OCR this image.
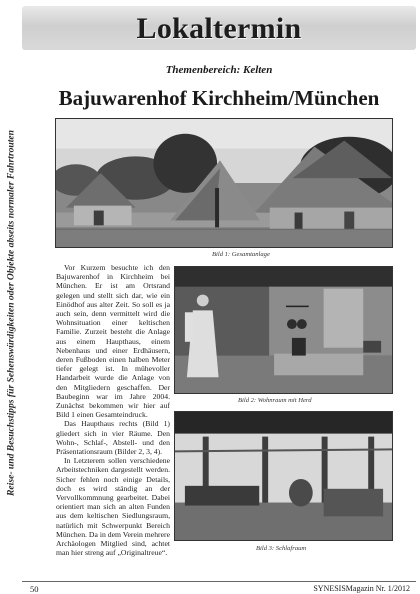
Reise- und Besuchstipps für Sehenswürdigkeiten oder Objekte abseits normaler Fahrtrouten
Lokaltermin
Themenbereich: Kelten
Bajuwarenhof Kirchheim/München
Bild 1: Gesamtanlage
Bild 2: Wohnraum mit Herd
Bild 3: Schlafraum

Vor Kurzem besuchte ich den Bajuwarenhof in Kirchheim bei München. Er ist am Ortsrand gelegen und stellt sich dar, wie ein Einödhof aus alter Zeit. So soll es ja auch sein, denn vermittelt wird die Wohnsituation einer keltischen Familie. Zurzeit besteht die Anlage aus einem Haupthaus, einem Nebenhaus und einer Erdhäusern, deren Fußboden einen halben Meter tiefer gelegt ist. In mühevoller Handarbeit wurde die Anlage von den Mitgliedern geschaffen. Der Baubeginn war im Jahre 2004. Zunächst bekommen wir hier auf Bild 1 einen Gesamteindruck.

Das Haupthaus rechts (Bild 1) gliedert sich in vier Räume. Den Wohn-, Schlaf-, Abstell- und den Präsentationsraum (Bilder 2, 3, 4).

In Letzterem sollen verschiedene Arbeitstechniken dargestellt werden. Sicher fehlen noch einige Details, doch es wird ständig an der Vervollkommnung gearbeitet. Dabei orientiert man sich an alten Funden aus dem keltischen Siedlungsraum, natürlich mit Schwerpunkt Bereich München. Da in dem Verein mehrere Archäologen Mitglied sind, achtet man hier streng auf „Originaltreue“.

50	SYNESISMagazin Nr. 1/2012
